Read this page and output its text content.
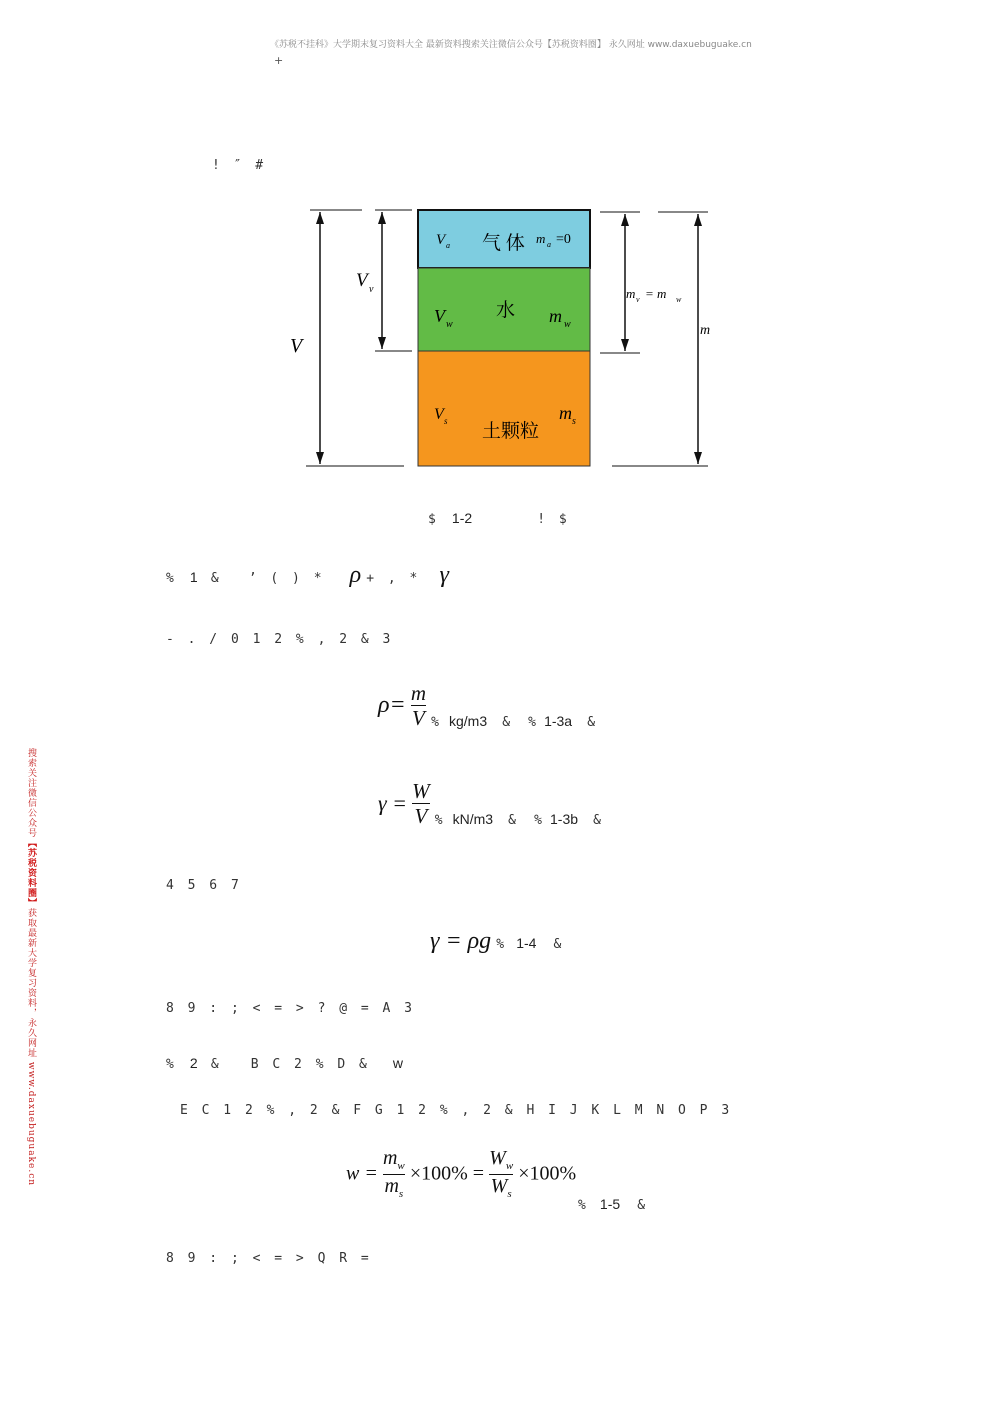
《苏税不挂科》大学期末复习资料大全 最新资料搜索关注微信公众号【苏税资料圈】 永久网址 www.daxuebuguake.cn
+
搜索关注微信公众号【苏税资料圈】获取最新大学复习资料，永久网址 www.daxuebuguake.cn
! ″ #
V a 气 体 m a =0
V w
水 m w
V s 土颗粒
m s
V
V v	m v = m w
m
$ 1-2	! $
% 1 & ’ ( ) * ρ + , * γ
- . / 0 1 2 % , 2 & 3
$\rho= \frac{m}{V}$ % kg/m3 & % 1-3a &
$\gamma = \frac{W}{V}$ % kN/m3 & % 1-3b &
4 5 6 7
γ = ρg % 1-4 &
8 9 : ; < = > ? @ = A 3
% 2 & B C 2 % D & w
E C 1 2 % , 2 & F G 1 2 % , 2 & H I J K L M N O P 3
$w = \frac{m_w}{m_s} \times 100\% = \frac{W_w}{W_s} \times 100\%$
% 1-5 &
8 9 : ; < = > Q R =
